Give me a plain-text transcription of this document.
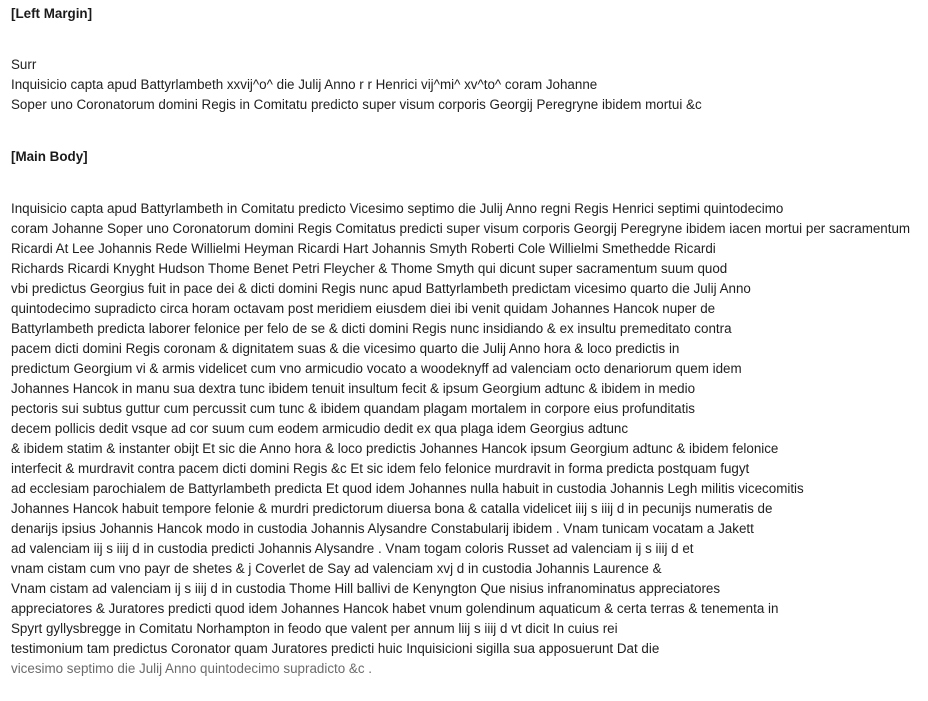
[Left Margin]

Surr

Inquisicio capta apud Battyrlambeth xxvij^o^ die Julij Anno r r Henrici vij^mi^ xv^to^ coram Johanne

Soper uno Coronatorum domini Regis in Comitatu predicto super visum corporis Georgij Peregryne ibidem mortui &c

[Main Body]

Inquisicio capta apud Battyrlambeth in Comitatu predicto Vicesimo septimo die Julij Anno regni Regis Henrici septimi quintodecimo

coram Johanne Soper uno Coronatorum domini Regis Comitatus predicti super visum corporis Georgij Peregryne ibidem iacen mortui per sacramentum

Ricardi At Lee Johannis Rede Willielmi Heyman Ricardi Hart Johannis Smyth Roberti Cole Willielmi Smethedde Ricardi

Richards Ricardi Knyght Hudson Thome Benet Petri Fleycher & Thome Smyth qui dicunt super sacramentum suum quod

vbi predictus Georgius fuit in pace dei & dicti domini Regis nunc apud Battyrlambeth predictam vicesimo quarto die Julij Anno

quintodecimo supradicto circa horam octavam post meridiem eiusdem diei ibi venit quidam Johannes Hancok nuper de

Battyrlambeth predicta laborer felonice per felo de se & dicti domini Regis nunc insidiando & ex insultu premeditato contra

pacem dicti domini Regis coronam & dignitatem suas & die vicesimo quarto die Julij Anno hora & loco predictis in

predictum Georgium vi & armis videlicet cum vno armicudio vocato a woodeknyff ad valenciam octo denariorum quem idem

Johannes Hancok in manu sua dextra tunc ibidem tenuit insultum fecit & ipsum Georgium adtunc & ibidem in medio

pectoris sui subtus guttur cum percussit cum tunc & ibidem quandam plagam mortalem in corpore eius profunditatis

decem pollicis dedit vsque ad cor suum cum eodem armicudio dedit ex qua plaga idem Georgius adtunc

& ibidem statim & instanter obijt Et sic die Anno hora & loco predictis Johannes Hancok ipsum Georgium adtunc & ibidem felonice

interfecit & murdravit contra pacem dicti domini Regis &c Et sic idem felo felonice murdravit in forma predicta postquam fugyt

ad ecclesiam parochialem de Battyrlambeth predicta Et quod idem Johannes nulla habuit in custodia Johannis Legh militis vicecomitis

Johannes Hancok habuit tempore felonie & murdri predictorum diuersa bona & catalla videlicet iiij s iiij d in pecunijs numeratis de

denarijs ipsius Johannis Hancok modo in custodia Johannis Alysandre Constabularij ibidem . Vnam tunicam vocatam a Jakett

ad valenciam iij s iiij d in custodia predicti Johannis Alysandre . Vnam togam coloris Russet ad valenciam ij s iiij d et

vnam cistam cum vno payr de shetes & j Coverlet de Say ad valenciam xvj d in custodia Johannis Laurence &

Vnam cistam ad valenciam ij s iiij d in custodia Thome Hill ballivi de Kenyngton Que nisius infranominatus appreciatores

appreciatores & Juratores predicti quod idem Johannes Hancok habet vnum golendinum aquaticum & certa terras & tenementa in

Spyrt gyllysbregge in Comitatu Norhampton in feodo que valent per annum liij s iiij d vt dicit In cuius rei

testimonium tam predictus Coronator quam Juratores predicti huic Inquisicioni sigilla sua apposuerunt Dat die

vicesimo septimo die Julij Anno quintodecimo supradicto &c .
